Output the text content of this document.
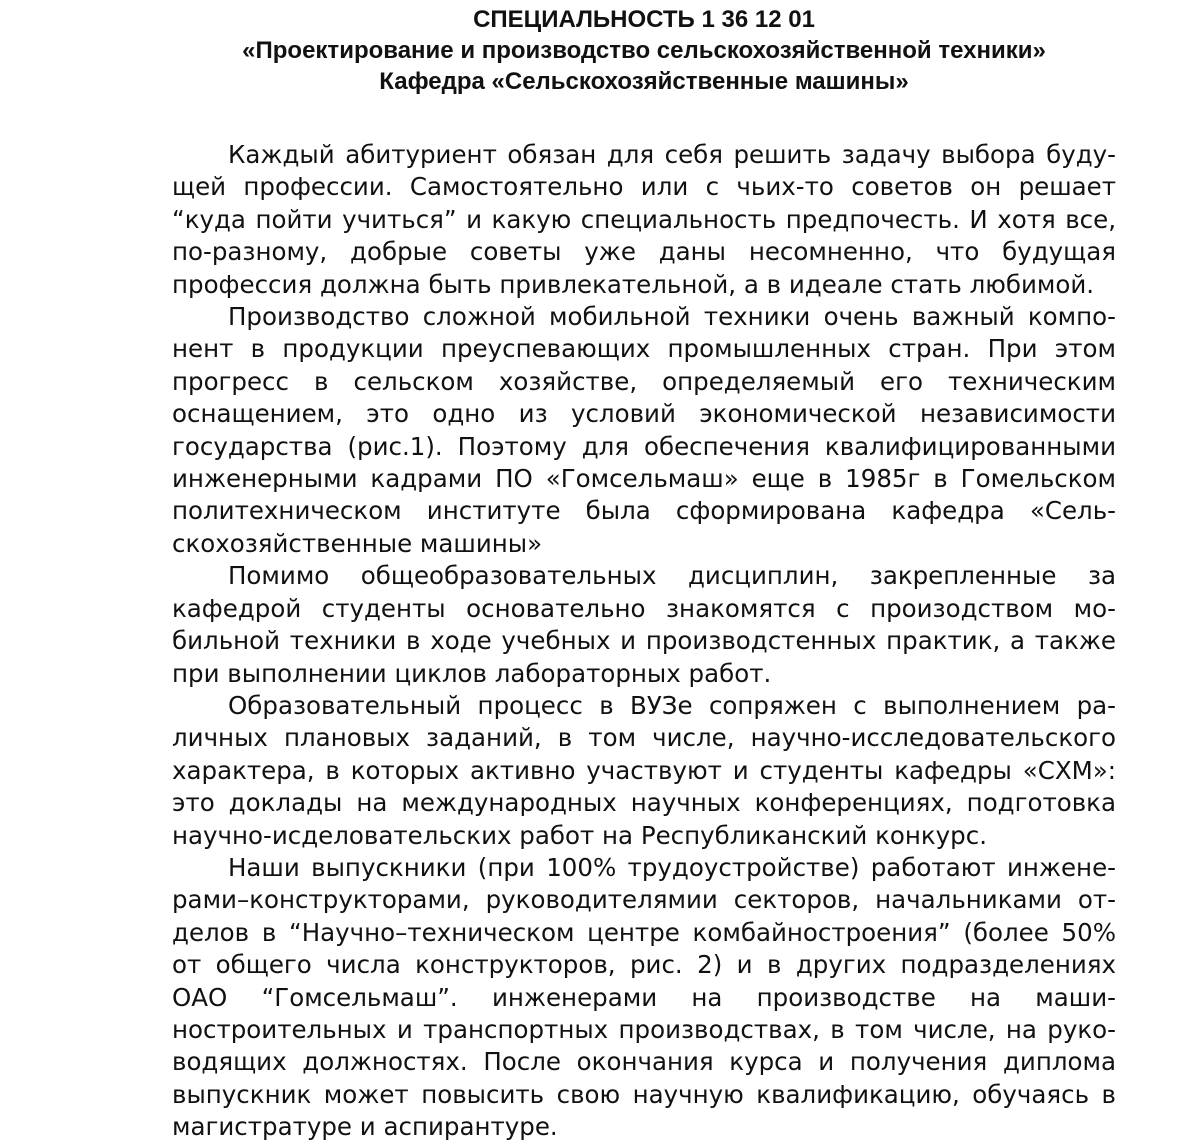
СПЕЦИАЛЬНОСТЬ 1 36 12 01
«Проектирование и производство сельскохозяйственной техники»
Кафедра «Сельскохозяйственные машины»

Каждый абитуриент обязан для себя решить задачу выбора будущей профессии. Самостоятельно или с чьих-то советов он решает “куда пойти учиться” и какую специальность предпочесть. И хотя все, по-разному, добрые советы уже даны несомненно, что будущая профессия должна быть привлекательной, а в идеале стать любимой.

Производство сложной мобильной техники очень важный компонент в продукции преуспевающих промышленных стран. При этом прогресс в сельском хозяйстве, определяемый его техническим оснащением, это одно из условий экономической независимости государства (рис.1). Поэтому для обеспечения квалифицированными инженерными кадрами ПО «Гомсельмаш» еще в 1985г в Гомельском политехническом институте была сформирована кафедра «Сельскохозяйственные машины»

Помимо общеобразовательных дисциплин, закрепленные за кафедрой студенты основательно знакомятся с произодством мобильной техники в ходе учебных и производстенных практик, а также при выполнении циклов лабораторных работ.

Образовательный процесс в ВУЗе сопряжен с выполнением раличных плановых заданий, в том числе, научно-исследовательского характера, в которых активно участвуют и студенты кафедры «СХМ»: это доклады на международных научных конференциях, подготовка научно-иcделовательских работ на Республиканский конкурс.

Наши выпускники (при 100% трудоустройстве) работают инженерами–конструкторами, руководителямии секторов, начальниками отделов в “Научно–техническом центре комбайностроения” (более 50% от общего числа конструкторов, рис. 2) и в других подразделениях ОАО “Гомсельмаш”. инженерами на производстве на машиностроительных и транспортных производствах, в том числе, на руководящих должностях. После окончания курса и получения диплома выпускник может повысить свою научную квалификацию, обучаясь в магистратуре и аспирантуре.
